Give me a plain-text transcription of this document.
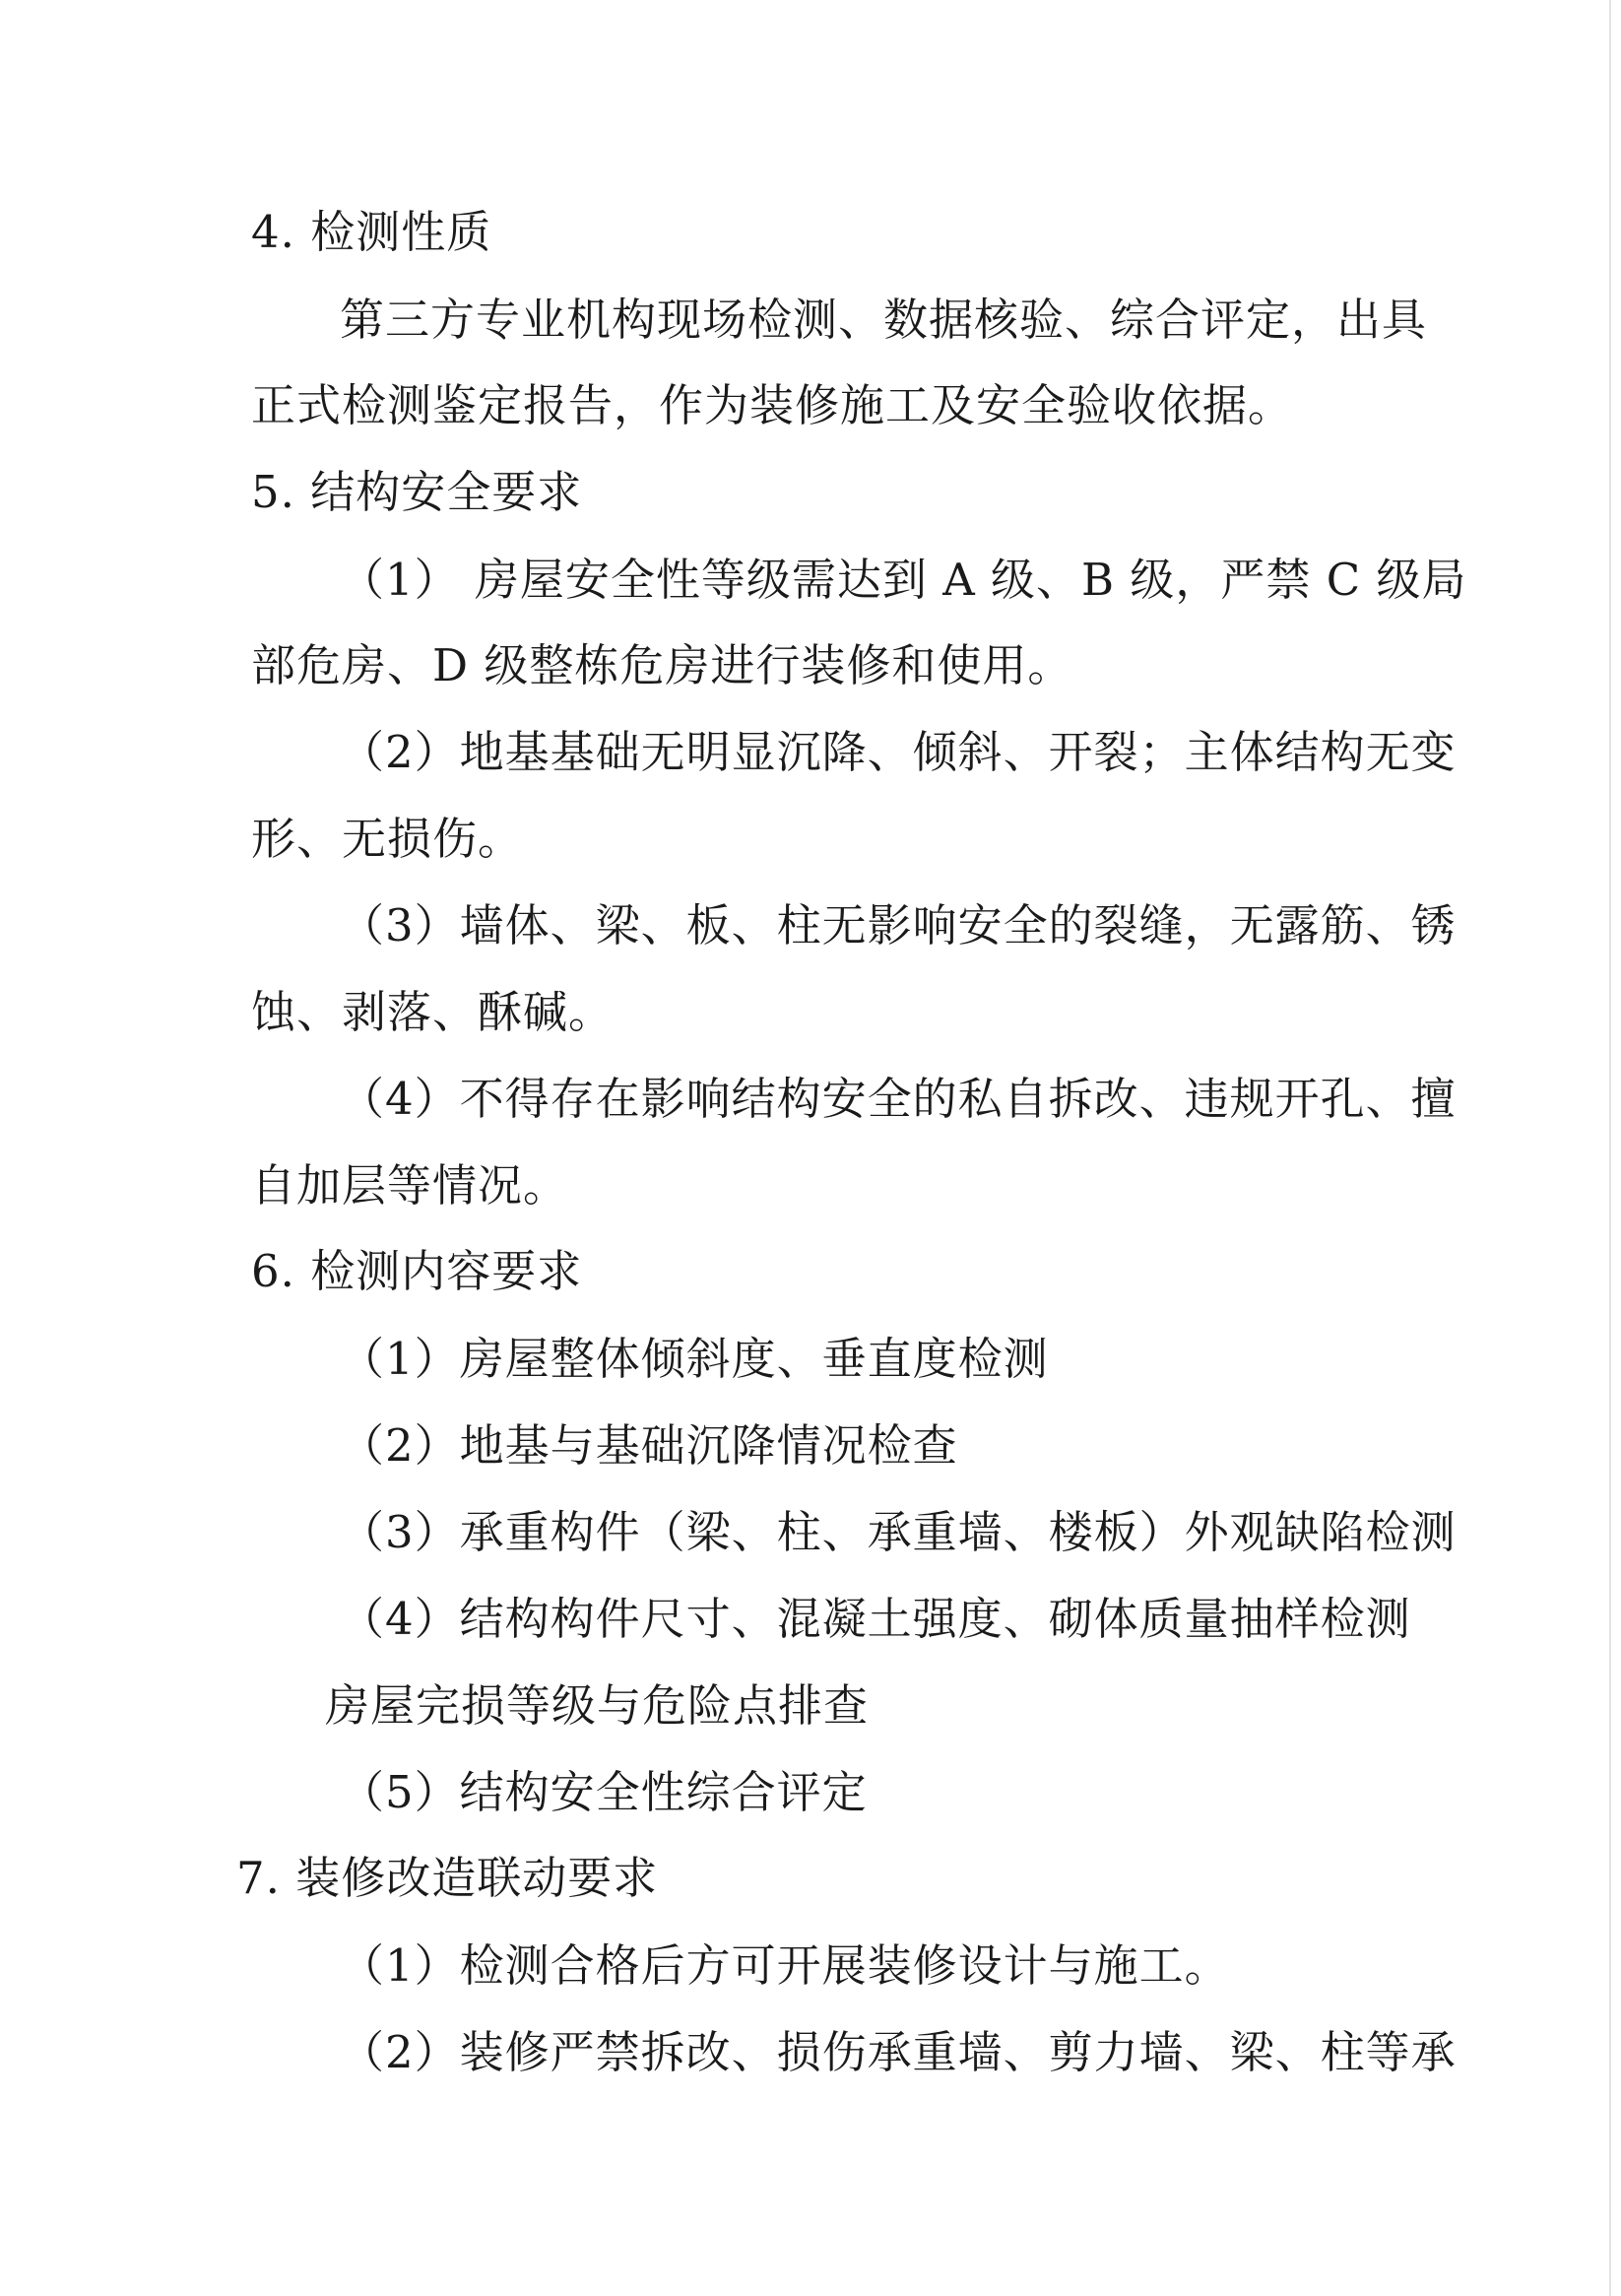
4. 检测性质
第三方专业机构现场检测、数据核验、综合评定，出具
正式检测鉴定报告，作为装修施工及安全验收依据。
5. 结构安全要求
（1） 房屋安全性等级需达到 A 级、B 级，严禁 C 级局
部危房、D 级整栋危房进行装修和使用。
（2）地基基础无明显沉降、倾斜、开裂；主体结构无变
形、无损伤。
（3）墙体、梁、板、柱无影响安全的裂缝，无露筋、锈
蚀、剥落、酥碱。
（4）不得存在影响结构安全的私自拆改、违规开孔、擅
自加层等情况。
6. 检测内容要求
（1）房屋整体倾斜度、垂直度检测
（2）地基与基础沉降情况检查
（3）承重构件（梁、柱、承重墙、楼板）外观缺陷检测
（4）结构构件尺寸、混凝土强度、砌体质量抽样检测
房屋完损等级与危险点排查
（5）结构安全性综合评定
7. 装修改造联动要求
（1）检测合格后方可开展装修设计与施工。
（2）装修严禁拆改、损伤承重墙、剪力墙、梁、柱等承
